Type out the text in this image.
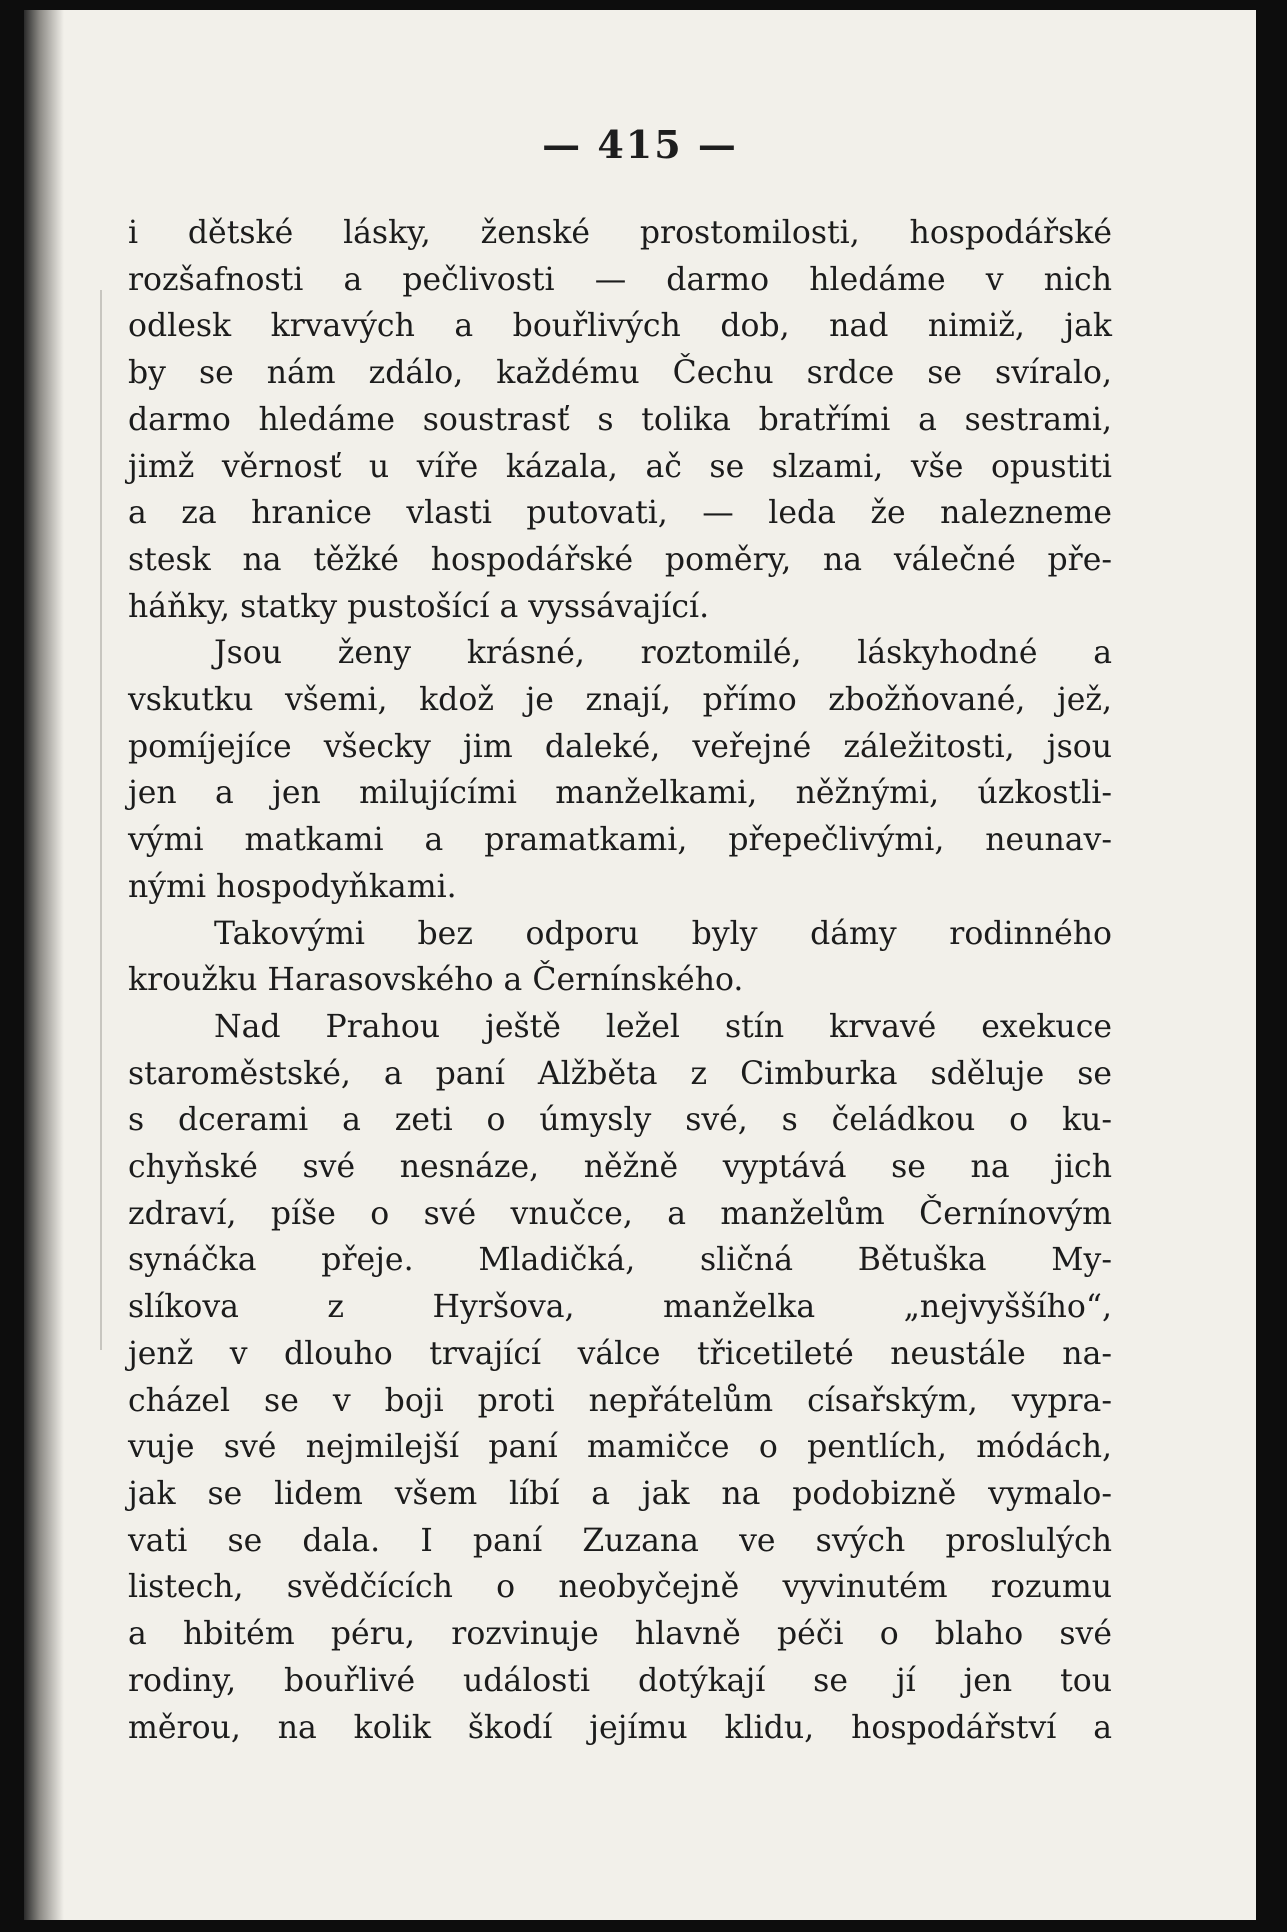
— 415 —
i dětské lásky, ženské prostomilosti, hospodářské
rozšafnosti a pečlivosti — darmo hledáme v nich
odlesk krvavých a bouřlivých dob, nad nimiž, jak
by se nám zdálo, každému Čechu srdce se svíralo,
darmo hledáme soustrasť s tolika bratřími a sestrami,
jimž věrnosť u víře kázala, ač se slzami, vše opustiti
a za hranice vlasti putovati, — leda že nalezneme
stesk na těžké hospodářské poměry, na válečné pře-
háňky, statky pustošící a vyssávající.
Jsou ženy krásné, roztomilé, láskyhodné a
vskutku všemi, kdož je znají, přímo zbožňované, jež,
pomíjejíce všecky jim daleké, veřejné záležitosti, jsou
jen a jen milujícími manželkami, něžnými, úzkostli-
vými matkami a pramatkami, přepečlivými, neunav-
nými hospodyňkami.
Takovými bez odporu byly dámy rodinného
kroužku Harasovského a Černínského.
Nad Prahou ještě ležel stín krvavé exekuce
staroměstské, a paní Alžběta z Cimburka sděluje se
s dcerami a zeti o úmysly své, s čeládkou o ku-
chyňské své nesnáze, něžně vyptává se na jich
zdraví, píše o své vnučce, a manželům Černínovým
synáčka přeje. Mladičká, sličná Bětuška My-
slíkova z Hyršova, manželka „nejvyššího“,
jenž v dlouho trvající válce třicetileté neustále na-
cházel se v boji proti nepřátelům císařským, vypra-
vuje své nejmilejší paní mamičce o pentlích, módách,
jak se lidem všem líbí a jak na podobizně vymalo-
vati se dala. I paní Zuzana ve svých proslulých
listech, svědčících o neobyčejně vyvinutém rozumu
a hbitém péru, rozvinuje hlavně péči o blaho své
rodiny, bouřlivé události dotýkají se jí jen tou
měrou, na kolik škodí jejímu klidu, hospodářství a
